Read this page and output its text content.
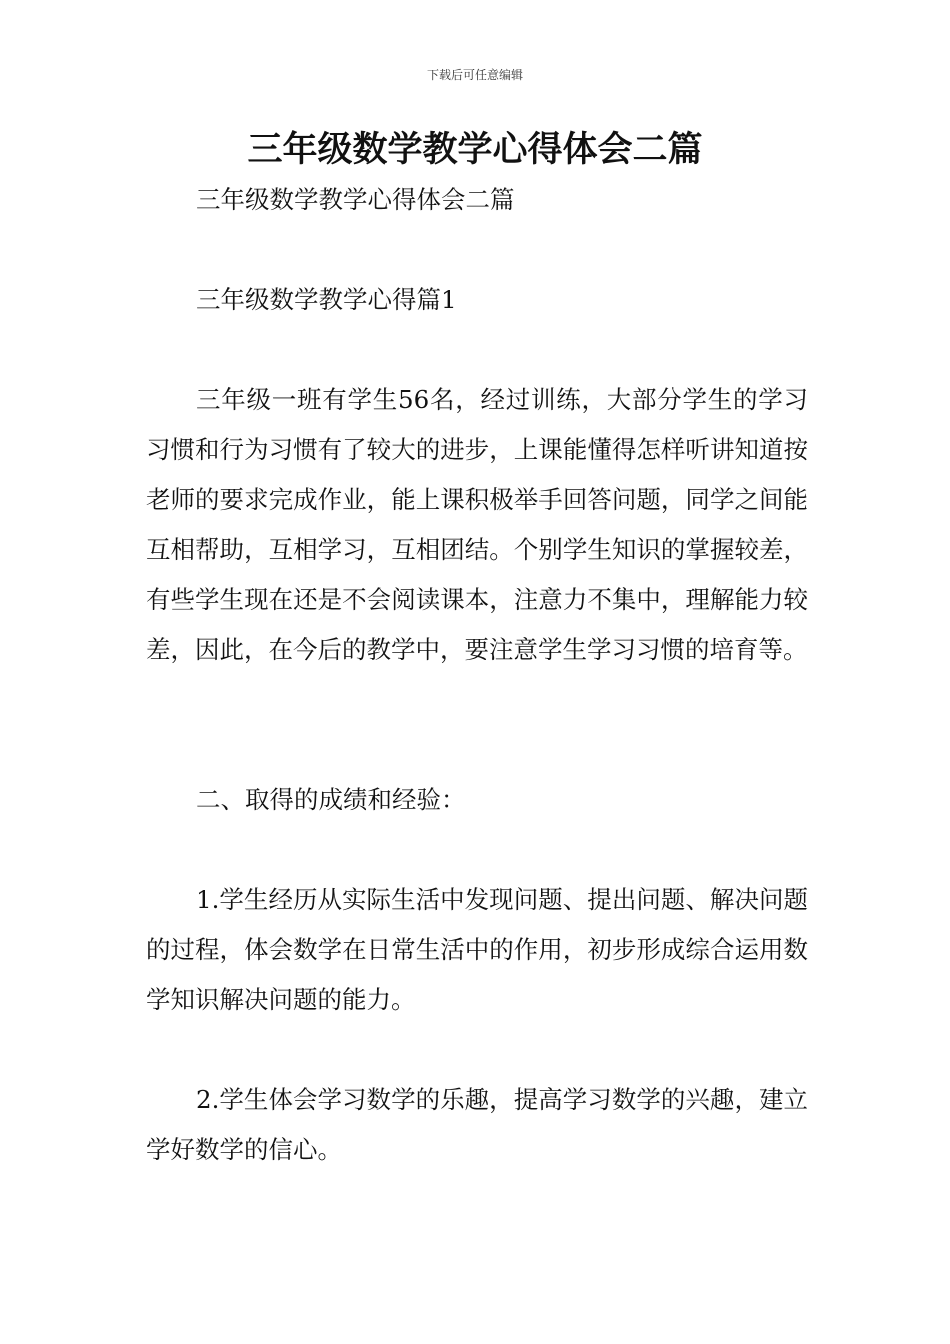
下载后可任意编辑
三年级数学教学心得体会二篇

三年级数学教学心得体会二篇

三年级数学教学心得篇1

三年级一班有学生56名，经过训练，大部分学生的学习习惯和行为习惯有了较大的进步，上课能懂得怎样听讲知道按老师的要求完成作业，能上课积极举手回答问题，同学之间能互相帮助，互相学习，互相团结。个别学生知识的掌握较差，有些学生现在还是不会阅读课本，注意力不集中，理解能力较差，因此，在今后的教学中，要注意学生学习习惯的培育等。

二、取得的成绩和经验：

1.学生经历从实际生活中发现问题、提出问题、解决问题的过程，体会数学在日常生活中的作用，初步形成综合运用数学知识解决问题的能力。

2.学生体会学习数学的乐趣，提高学习数学的兴趣，建立学好数学的信心。
